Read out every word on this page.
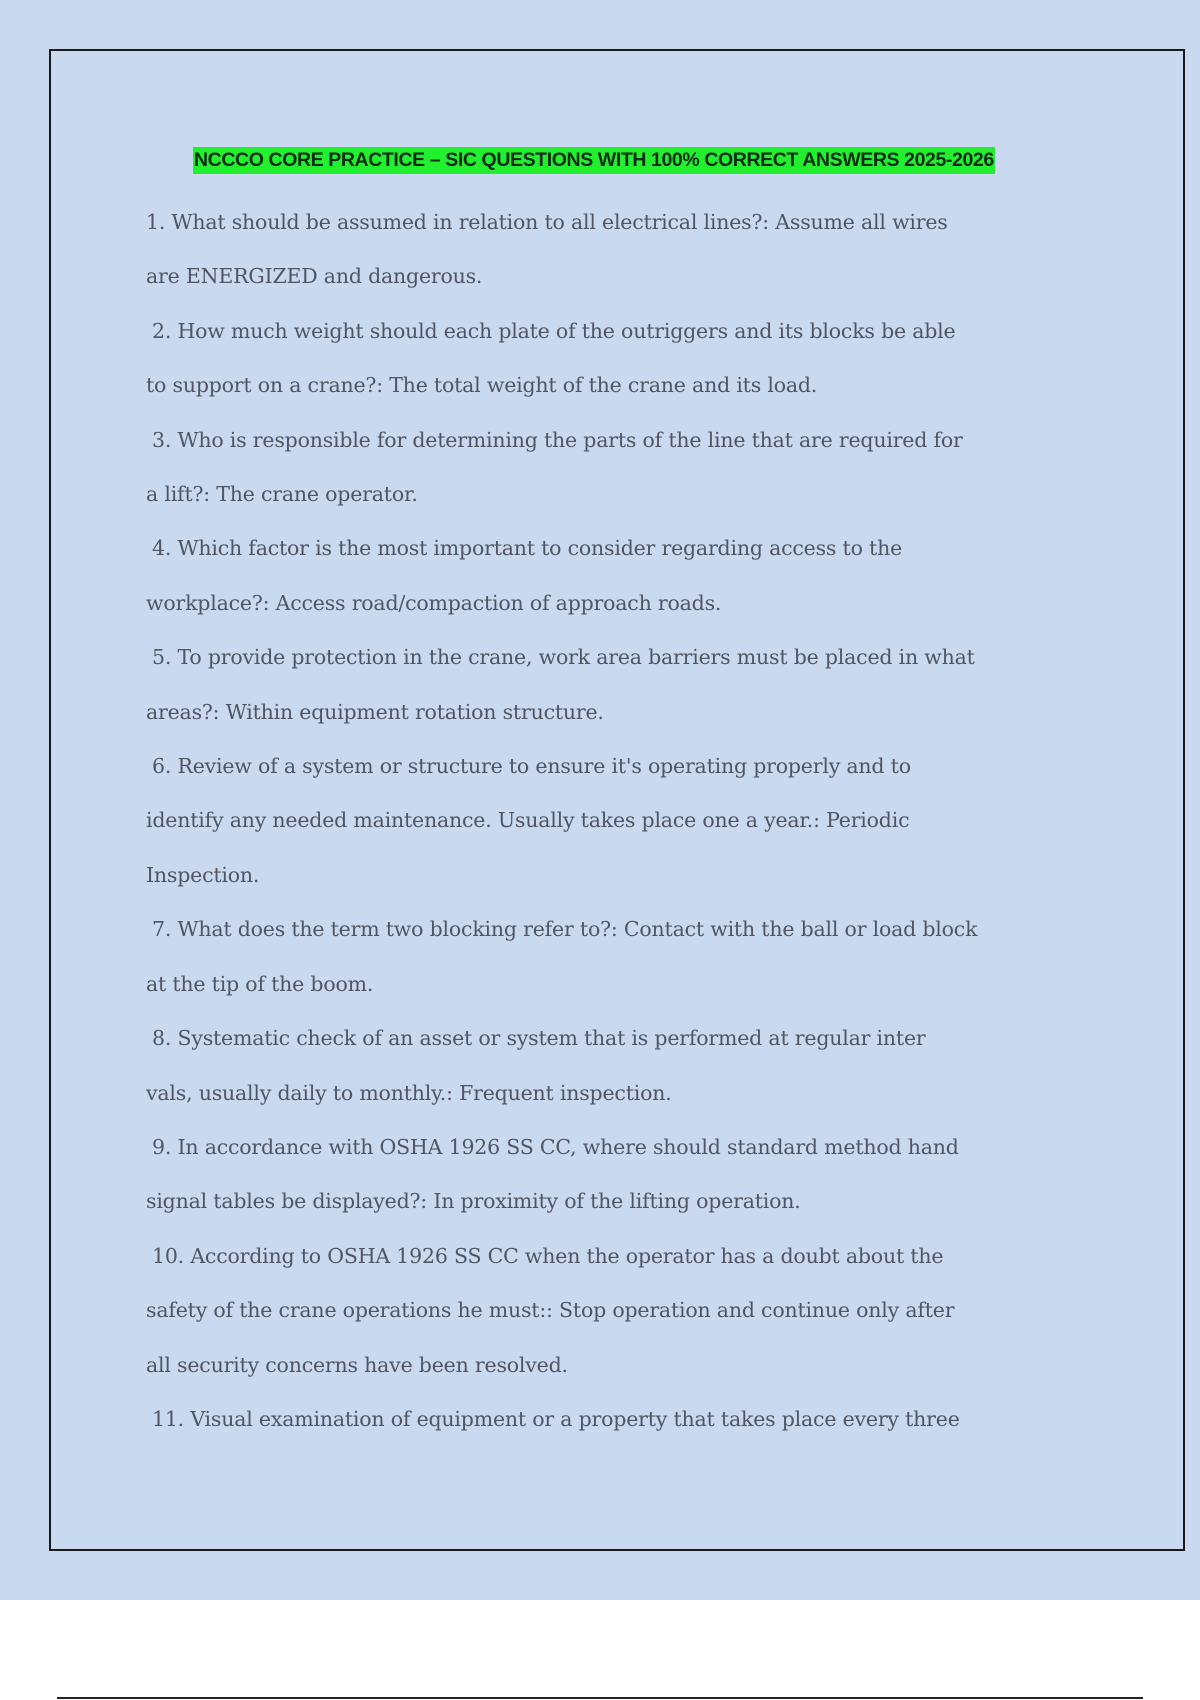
NCCCO CORE PRACTICE – SIC QUESTIONS WITH 100% CORRECT ANSWERS 2025-2026
1. What should be assumed in relation to all electrical lines?: Assume all wires
are ENERGIZED and dangerous.
2. How much weight should each plate of the outriggers and its blocks be able
to support on a crane?: The total weight of the crane and its load.
3. Who is responsible for determining the parts of the line that are required for
a lift?: The crane operator.
4. Which factor is the most important to consider regarding access to the
workplace?: Access road/compaction of approach roads.
5. To provide protection in the crane, work area barriers must be placed in what
areas?: Within equipment rotation structure.
6. Review of a system or structure to ensure it's operating properly and to
identify any needed maintenance. Usually takes place one a year.: Periodic
Inspection.
7. What does the term two blocking refer to?: Contact with the ball or load block
at the tip of the boom.
8. Systematic check of an asset or system that is performed at regular inter
vals, usually daily to monthly.: Frequent inspection.
9. In accordance with OSHA 1926 SS CC, where should standard method hand
signal tables be displayed?: In proximity of the lifting operation.
10. According to OSHA 1926 SS CC when the operator has a doubt about the
safety of the crane operations he must:: Stop operation and continue only after
all security concerns have been resolved.
11. Visual examination of equipment or a property that takes place every three
